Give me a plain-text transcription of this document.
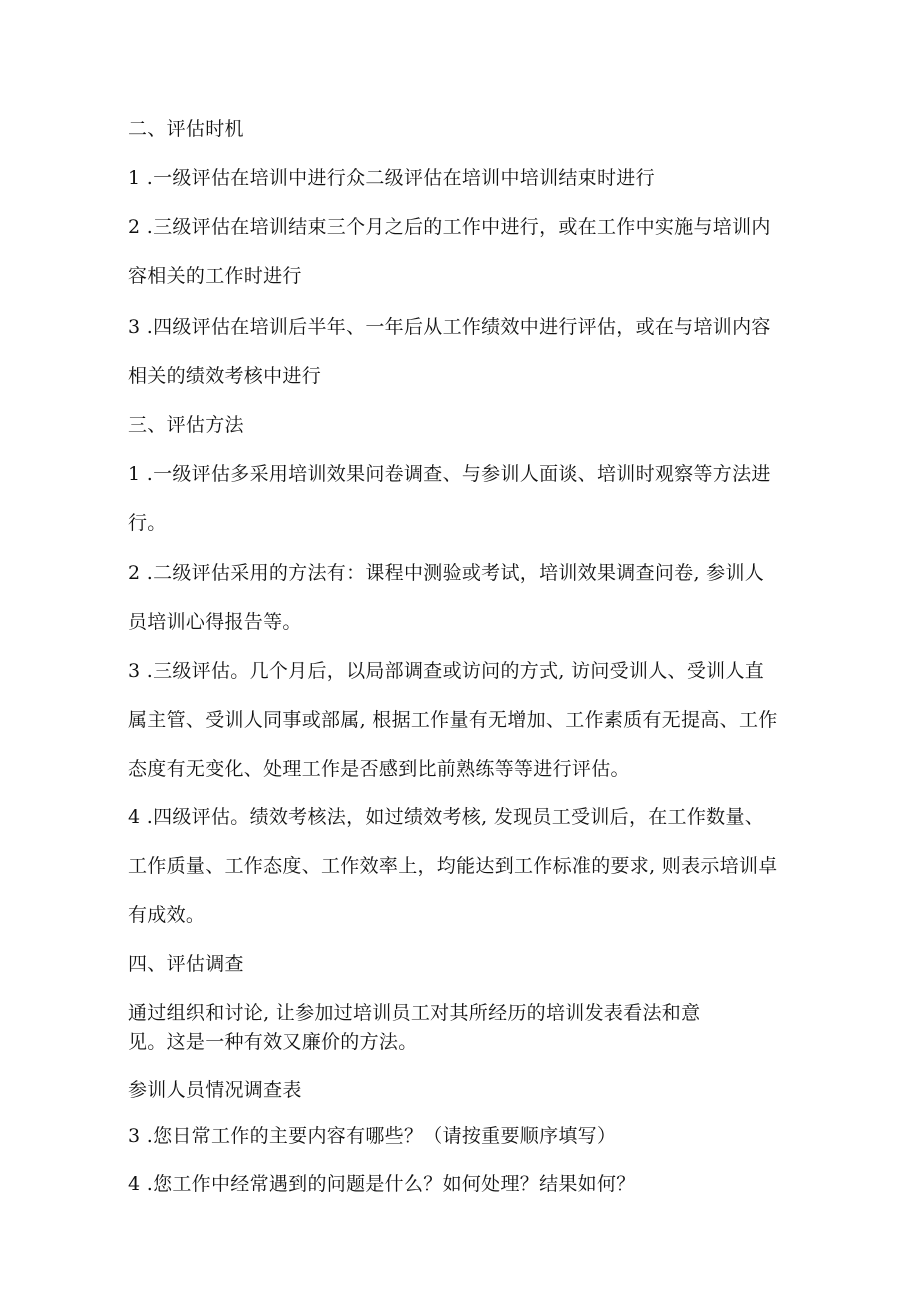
二、评估时机
1 .一级评估在培训中进行众二级评估在培训中培训结束时进行
2 .三级评估在培训结束三个月之后的工作中进行，或在工作中实施与培训内
容相关的工作时进行
3 .四级评估在培训后半年、一年后从工作绩效中进行评估，或在与培训内容
相关的绩效考核中进行
三、评估方法
1 .一级评估多采用培训效果问卷调查、与参训人面谈、培训时观察等方法进
行。
2 .二级评估采用的方法有：课程中测验或考试，培训效果调查问卷, 参训人
员培训心得报告等。
3 .三级评估。几个月后，以局部调查或访问的方式, 访问受训人、受训人直
属主管、受训人同事或部属, 根据工作量有无增加、工作素质有无提高、工作
态度有无变化、处理工作是否感到比前熟练等等进行评估。
4 .四级评估。绩效考核法，如过绩效考核, 发现员工受训后，在工作数量、
工作质量、工作态度、工作效率上，均能达到工作标准的要求, 则表示培训卓
有成效。
四、评估调查
通过组织和讨论, 让参加过培训员工对其所经历的培训发表看法和意
见。这是一种有效又廉价的方法。
参训人员情况调查表
3 .您日常工作的主要内容有哪些？（请按重要顺序填写）
4 .您工作中经常遇到的问题是什么？如何处理？结果如何？
